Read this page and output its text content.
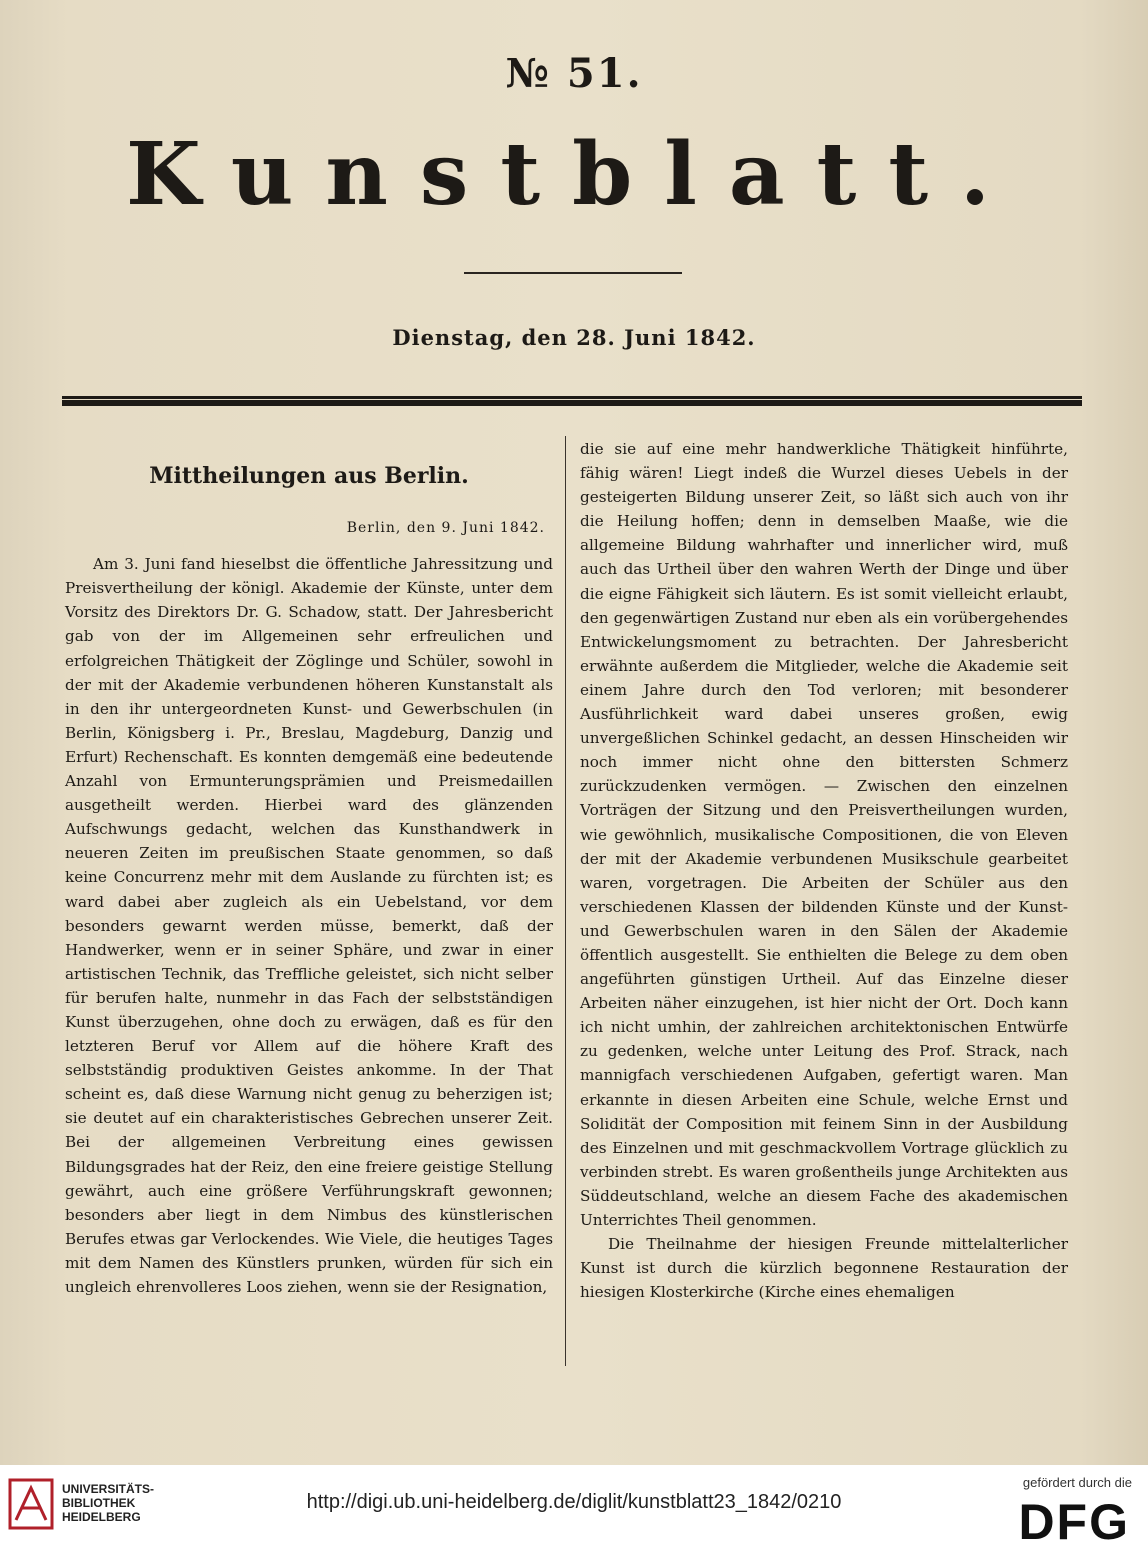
№ 51.
Kunstblatt.
Dienstag, den 28. Juni 1842.
Mittheilungen aus Berlin.
Berlin, den 9. Juni 1842.

Am 3. Juni fand hieselbst die öffentliche Jahressitzung und Preisvertheilung der königl. Akademie der Künste, unter dem Vorsitz des Direktors Dr. G. Schadow, statt. Der Jahresbericht gab von der im Allgemeinen sehr erfreulichen und erfolgreichen Thätigkeit der Zöglinge und Schüler, sowohl in der mit der Akademie verbundenen höheren Kunstanstalt als in den ihr untergeordneten Kunst- und Gewerbschulen (in Berlin, Königsberg i. Pr., Breslau, Magdeburg, Danzig und Erfurt) Rechenschaft. Es konnten demgemäß eine bedeutende Anzahl von Ermunterungsprämien und Preismedaillen ausgetheilt werden. Hierbei ward des glänzenden Aufschwungs gedacht, welchen das Kunsthandwerk in neueren Zeiten im preußischen Staate genommen, so daß keine Concurrenz mehr mit dem Auslande zu fürchten ist; es ward dabei aber zugleich als ein Uebelstand, vor dem besonders gewarnt werden müsse, bemerkt, daß der Handwerker, wenn er in seiner Sphäre, und zwar in einer artistischen Technik, das Treffliche geleistet, sich nicht selber für berufen halte, nunmehr in das Fach der selbstständigen Kunst überzugehen, ohne doch zu erwägen, daß es für den letzteren Beruf vor Allem auf die höhere Kraft des selbstständig produktiven Geistes ankomme. In der That scheint es, daß diese Warnung nicht genug zu beherzigen ist; sie deutet auf ein charakteristisches Gebrechen unserer Zeit. Bei der allgemeinen Verbreitung eines gewissen Bildungsgrades hat der Reiz, den eine freiere geistige Stellung gewährt, auch eine größere Verführungskraft gewonnen; besonders aber liegt in dem Nimbus des künstlerischen Berufes etwas gar Verlockendes. Wie Viele, die heutiges Tages mit dem Namen des Künstlers prunken, würden für sich ein ungleich ehrenvolleres Loos ziehen, wenn sie der Resignation,

die sie auf eine mehr handwerkliche Thätigkeit hinführte, fähig wären! Liegt indeß die Wurzel dieses Uebels in der gesteigerten Bildung unserer Zeit, so läßt sich auch von ihr die Heilung hoffen; denn in demselben Maaße, wie die allgemeine Bildung wahrhafter und innerlicher wird, muß auch das Urtheil über den wahren Werth der Dinge und über die eigne Fähigkeit sich läutern. Es ist somit vielleicht erlaubt, den gegenwärtigen Zustand nur eben als ein vorübergehendes Entwickelungsmoment zu betrachten. Der Jahresbericht erwähnte außerdem die Mitglieder, welche die Akademie seit einem Jahre durch den Tod verloren; mit besonderer Ausführlichkeit ward dabei unseres großen, ewig unvergeßlichen Schinkel gedacht, an dessen Hinscheiden wir noch immer nicht ohne den bittersten Schmerz zurückzudenken vermögen. — Zwischen den einzelnen Vorträgen der Sitzung und den Preisvertheilungen wurden, wie gewöhnlich, musikalische Compositionen, die von Eleven der mit der Akademie verbundenen Musikschule gearbeitet waren, vorgetragen. Die Arbeiten der Schüler aus den verschiedenen Klassen der bildenden Künste und der Kunst- und Gewerbschulen waren in den Sälen der Akademie öffentlich ausgestellt. Sie enthielten die Belege zu dem oben angeführten günstigen Urtheil. Auf das Einzelne dieser Arbeiten näher einzugehen, ist hier nicht der Ort. Doch kann ich nicht umhin, der zahlreichen architektonischen Entwürfe zu gedenken, welche unter Leitung des Prof. Strack, nach mannigfach verschiedenen Aufgaben, gefertigt waren. Man erkannte in diesen Arbeiten eine Schule, welche Ernst und Solidität der Composition mit feinem Sinn in der Ausbildung des Einzelnen und mit geschmackvollem Vortrage glücklich zu verbinden strebt. Es waren großentheils junge Architekten aus Süddeutschland, welche an diesem Fache des akademischen Unterrichtes Theil genommen.

Die Theilnahme der hiesigen Freunde mittelalterlicher Kunst ist durch die kürzlich begonnene Restauration der hiesigen Klosterkirche (Kirche eines ehemaligen

UNIVERSITÄTS-
BIBLIOTHEK
HEIDELBERG
http://digi.ub.uni-heidelberg.de/diglit/kunstblatt23_1842/0210
gefördert durch die
DFG
